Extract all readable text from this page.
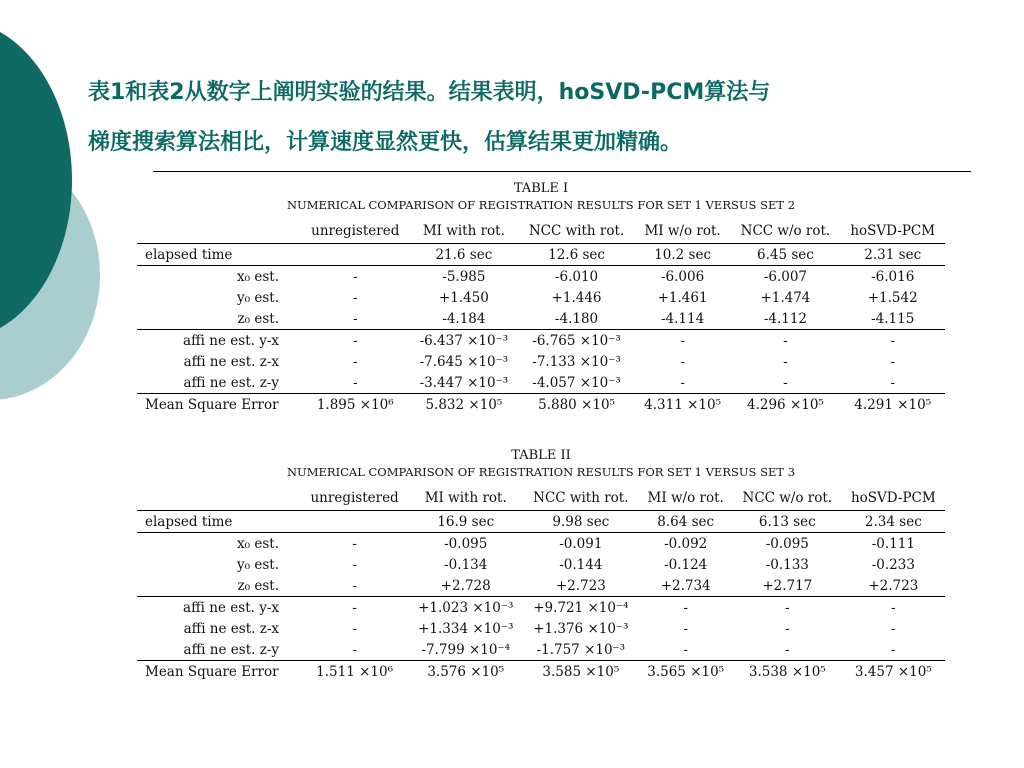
表1和表2从数字上阐明实验的结果。结果表明，hoSVD-PCM算法与
梯度搜索算法相比，计算速度显然更快，估算结果更加精确。
TABLE I
NUMERICAL COMPARISON OF REGISTRATION RESULTS FOR SET 1 VERSUS SET 2
	unregistered	MI with rot.	NCC with rot.	MI w/o rot.	NCC w/o rot.	hoSVD-PCM
elapsed time		21.6 sec	12.6 sec	10.2 sec	6.45 sec	2.31 sec
x₀ est.	-	-5.985	-6.010	-6.006	-6.007	-6.016
y₀ est.	-	+1.450	+1.446	+1.461	+1.474	+1.542
z₀ est.	-	-4.184	-4.180	-4.114	-4.112	-4.115
affi ne est. y-x	-	-6.437 ×10⁻³	-6.765 ×10⁻³	-	-	-
affi ne est. z-x	-	-7.645 ×10⁻³	-7.133 ×10⁻³	-	-	-
affi ne est. z-y	-	-3.447 ×10⁻³	-4.057 ×10⁻³	-	-	-
Mean Square Error	1.895 ×10⁶	5.832 ×10⁵	5.880 ×10⁵	4.311 ×10⁵	4.296 ×10⁵	4.291 ×10⁵
TABLE II
NUMERICAL COMPARISON OF REGISTRATION RESULTS FOR SET 1 VERSUS SET 3
	unregistered	MI with rot.	NCC with rot.	MI w/o rot.	NCC w/o rot.	hoSVD-PCM
elapsed time		16.9 sec	9.98 sec	8.64 sec	6.13 sec	2.34 sec
x₀ est.	-	-0.095	-0.091	-0.092	-0.095	-0.111
y₀ est.	-	-0.134	-0.144	-0.124	-0.133	-0.233
z₀ est.	-	+2.728	+2.723	+2.734	+2.717	+2.723
affi ne est. y-x	-	+1.023 ×10⁻³	+9.721 ×10⁻⁴	-	-	-
affi ne est. z-x	-	+1.334 ×10⁻³	+1.376 ×10⁻³	-	-	-
affi ne est. z-y	-	-7.799 ×10⁻⁴	-1.757 ×10⁻³	-	-	-
Mean Square Error	1.511 ×10⁶	3.576 ×10⁵	3.585 ×10⁵	3.565 ×10⁵	3.538 ×10⁵	3.457 ×10⁵
